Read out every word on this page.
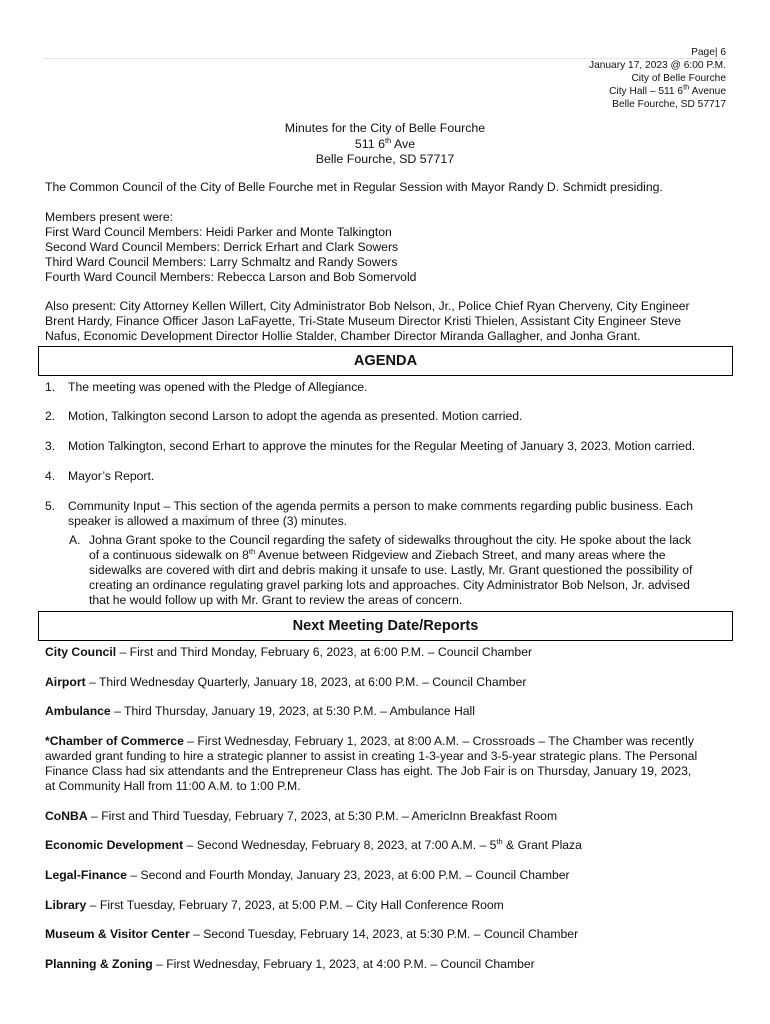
Page| 6
January 17, 2023 @ 6:00 P.M.
City of Belle Fourche
City Hall – 511 6th Avenue
Belle Fourche, SD 57717
Minutes for the City of Belle Fourche
511 6th Ave
Belle Fourche, SD 57717
The Common Council of the City of Belle Fourche met in Regular Session with Mayor Randy D. Schmidt presiding.
Members present were:
First Ward Council Members: Heidi Parker and Monte Talkington
Second Ward Council Members: Derrick Erhart and Clark Sowers
Third Ward Council Members: Larry Schmaltz and Randy Sowers
Fourth Ward Council Members: Rebecca Larson and Bob Somervold
Also present: City Attorney Kellen Willert, City Administrator Bob Nelson, Jr., Police Chief Ryan Cherveny, City Engineer
Brent Hardy, Finance Officer Jason LaFayette, Tri-State Museum Director Kristi Thielen, Assistant City Engineer Steve
Nafus, Economic Development Director Hollie Stalder, Chamber Director Miranda Gallagher, and Jonha Grant.
AGENDA
1. The meeting was opened with the Pledge of Allegiance.
2. Motion, Talkington second Larson to adopt the agenda as presented. Motion carried.
3. Motion Talkington, second Erhart to approve the minutes for the Regular Meeting of January 3, 2023. Motion carried.
4. Mayor’s Report.
5. Community Input – This section of the agenda permits a person to make comments regarding public business. Each
speaker is allowed a maximum of three (3) minutes.
A. Johna Grant spoke to the Council regarding the safety of sidewalks throughout the city. He spoke about the lack
of a continuous sidewalk on 8th Avenue between Ridgeview and Ziebach Street, and many areas where the
sidewalks are covered with dirt and debris making it unsafe to use. Lastly, Mr. Grant questioned the possibility of
creating an ordinance regulating gravel parking lots and approaches. City Administrator Bob Nelson, Jr. advised
that he would follow up with Mr. Grant to review the areas of concern.
Next Meeting Date/Reports
City Council – First and Third Monday, February 6, 2023, at 6:00 P.M. – Council Chamber
Airport – Third Wednesday Quarterly, January 18, 2023, at 6:00 P.M. – Council Chamber
Ambulance – Third Thursday, January 19, 2023, at 5:30 P.M. – Ambulance Hall
*Chamber of Commerce – First Wednesday, February 1, 2023, at 8:00 A.M. – Crossroads – The Chamber was recently
awarded grant funding to hire a strategic planner to assist in creating 1-3-year and 3-5-year strategic plans. The Personal
Finance Class had six attendants and the Entrepreneur Class has eight. The Job Fair is on Thursday, January 19, 2023,
at Community Hall from 11:00 A.M. to 1:00 P.M.
CoNBA – First and Third Tuesday, February 7, 2023, at 5:30 P.M. – AmericInn Breakfast Room
Economic Development – Second Wednesday, February 8, 2023, at 7:00 A.M. – 5th & Grant Plaza
Legal-Finance – Second and Fourth Monday, January 23, 2023, at 6:00 P.M. – Council Chamber
Library – First Tuesday, February 7, 2023, at 5:00 P.M. – City Hall Conference Room
Museum & Visitor Center – Second Tuesday, February 14, 2023, at 5:30 P.M. – Council Chamber
Planning & Zoning – First Wednesday, February 1, 2023, at 4:00 P.M. – Council Chamber
